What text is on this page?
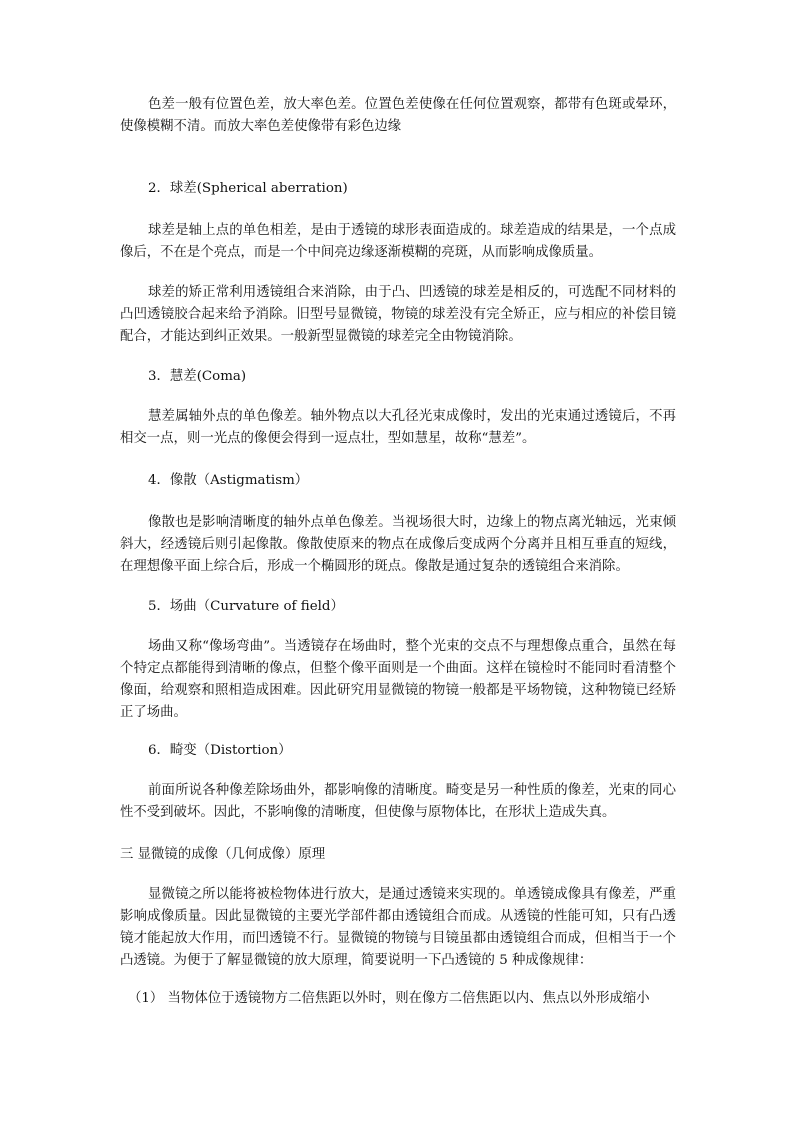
色差一般有位置色差，放大率色差。位置色差使像在任何位置观察，都带有色斑或晕环，使像模糊不清。而放大率色差使像带有彩色边缘

2．球差(Spherical aberration)

球差是轴上点的单色相差，是由于透镜的球形表面造成的。球差造成的结果是，一个点成像后，不在是个亮点，而是一个中间亮边缘逐渐模糊的亮斑，从而影响成像质量。

球差的矫正常利用透镜组合来消除，由于凸、凹透镜的球差是相反的，可选配不同材料的凸凹透镜胶合起来给予消除。旧型号显微镜，物镜的球差没有完全矫正，应与相应的补偿目镜配合，才能达到纠正效果。一般新型显微镜的球差完全由物镜消除。

3．慧差(Coma)

慧差属轴外点的单色像差。轴外物点以大孔径光束成像时，发出的光束通过透镜后，不再相交一点，则一光点的像便会得到一逗点壮，型如慧星，故称“慧差”。

4．像散（Astigmatism）

像散也是影响清晰度的轴外点单色像差。当视场很大时，边缘上的物点离光轴远，光束倾斜大，经透镜后则引起像散。像散使原来的物点在成像后变成两个分离并且相互垂直的短线，在理想像平面上综合后，形成一个椭圆形的斑点。像散是通过复杂的透镜组合来消除。

5．场曲（Curvature of field）

场曲又称“像场弯曲”。当透镜存在场曲时，整个光束的交点不与理想像点重合，虽然在每个特定点都能得到清晰的像点，但整个像平面则是一个曲面。这样在镜检时不能同时看清整个像面，给观察和照相造成困难。因此研究用显微镜的物镜一般都是平场物镜，这种物镜已经矫正了场曲。

6．畸变（Distortion）

前面所说各种像差除场曲外，都影响像的清晰度。畸变是另一种性质的像差，光束的同心性不受到破坏。因此，不影响像的清晰度，但使像与原物体比，在形状上造成失真。

三 显微镜的成像（几何成像）原理

显微镜之所以能将被检物体进行放大，是通过透镜来实现的。单透镜成像具有像差，严重影响成像质量。因此显微镜的主要光学部件都由透镜组合而成。从透镜的性能可知，只有凸透镜才能起放大作用，而凹透镜不行。显微镜的物镜与目镜虽都由透镜组合而成，但相当于一个凸透镜。为便于了解显微镜的放大原理，简要说明一下凸透镜的 5 种成像规律：

（1） 当物体位于透镜物方二倍焦距以外时，则在像方二倍焦距以内、焦点以外形成缩小
